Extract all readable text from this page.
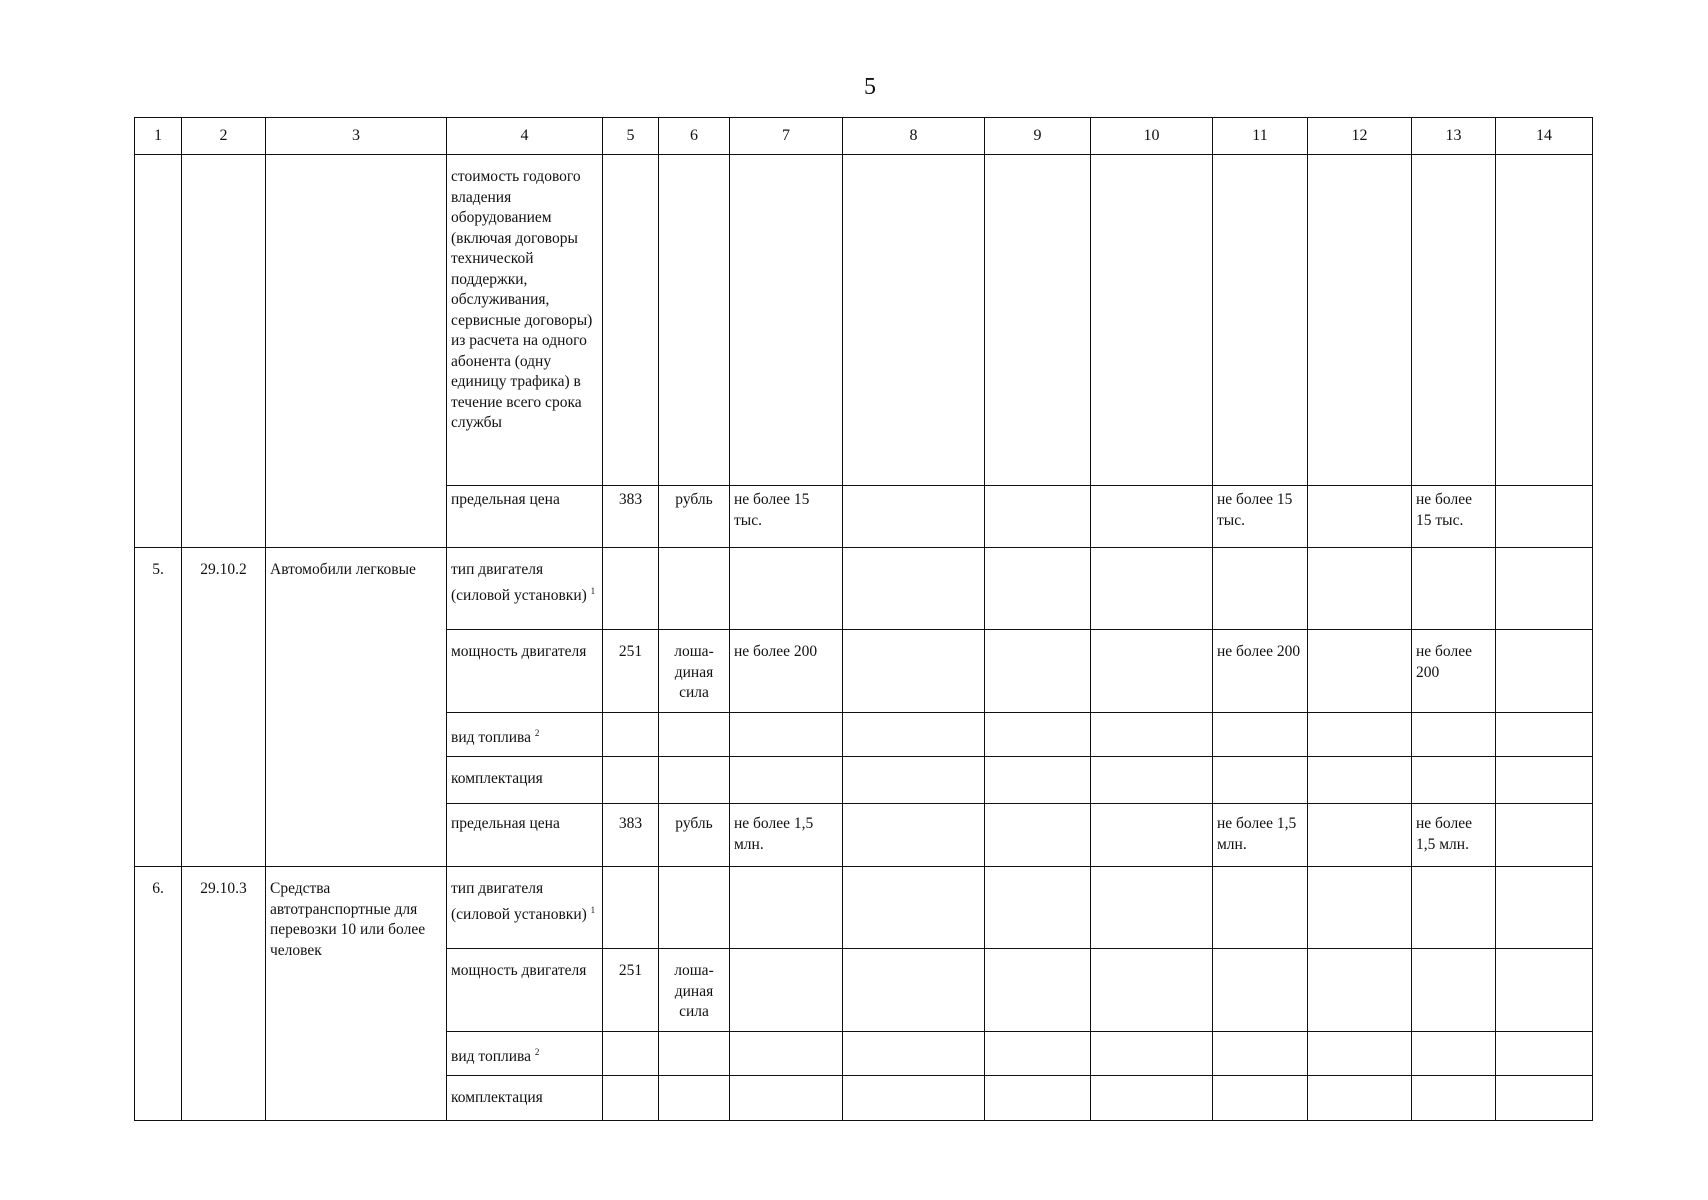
5
1	2	3	4	5	6	7	8	9	10	11	12	13	14
			стоимость годового владения оборудованием (включая договоры технической поддержки, обслуживания, сервисные договоры) из расчета на одного абонента (одну единицу трафика) в течение всего срока службы										
			предельная цена	383	рубль	не более 15 тыс.				не более 15 тыс.		не более 15 тыс.	
5.	29.10.2	Автомобили легковые	тип двигателя (силовой установки) $^1$										
			мощность двигателя	251	лоша-диная сила	не более 200				не более 200		не более 200	
			вид топлива $^2$										
			комплектация										
			предельная цена	383	рубль	не более 1,5 млн.				не более 1,5 млн.		не более 1,5 млн.	
6.	29.10.3	Средства автотранспортные для перевозки 10 или более человек	тип двигателя (силовой установки) $^1$										
			мощность двигателя	251	лоша-диная сила								
			вид топлива $^2$										
			комплектация										
